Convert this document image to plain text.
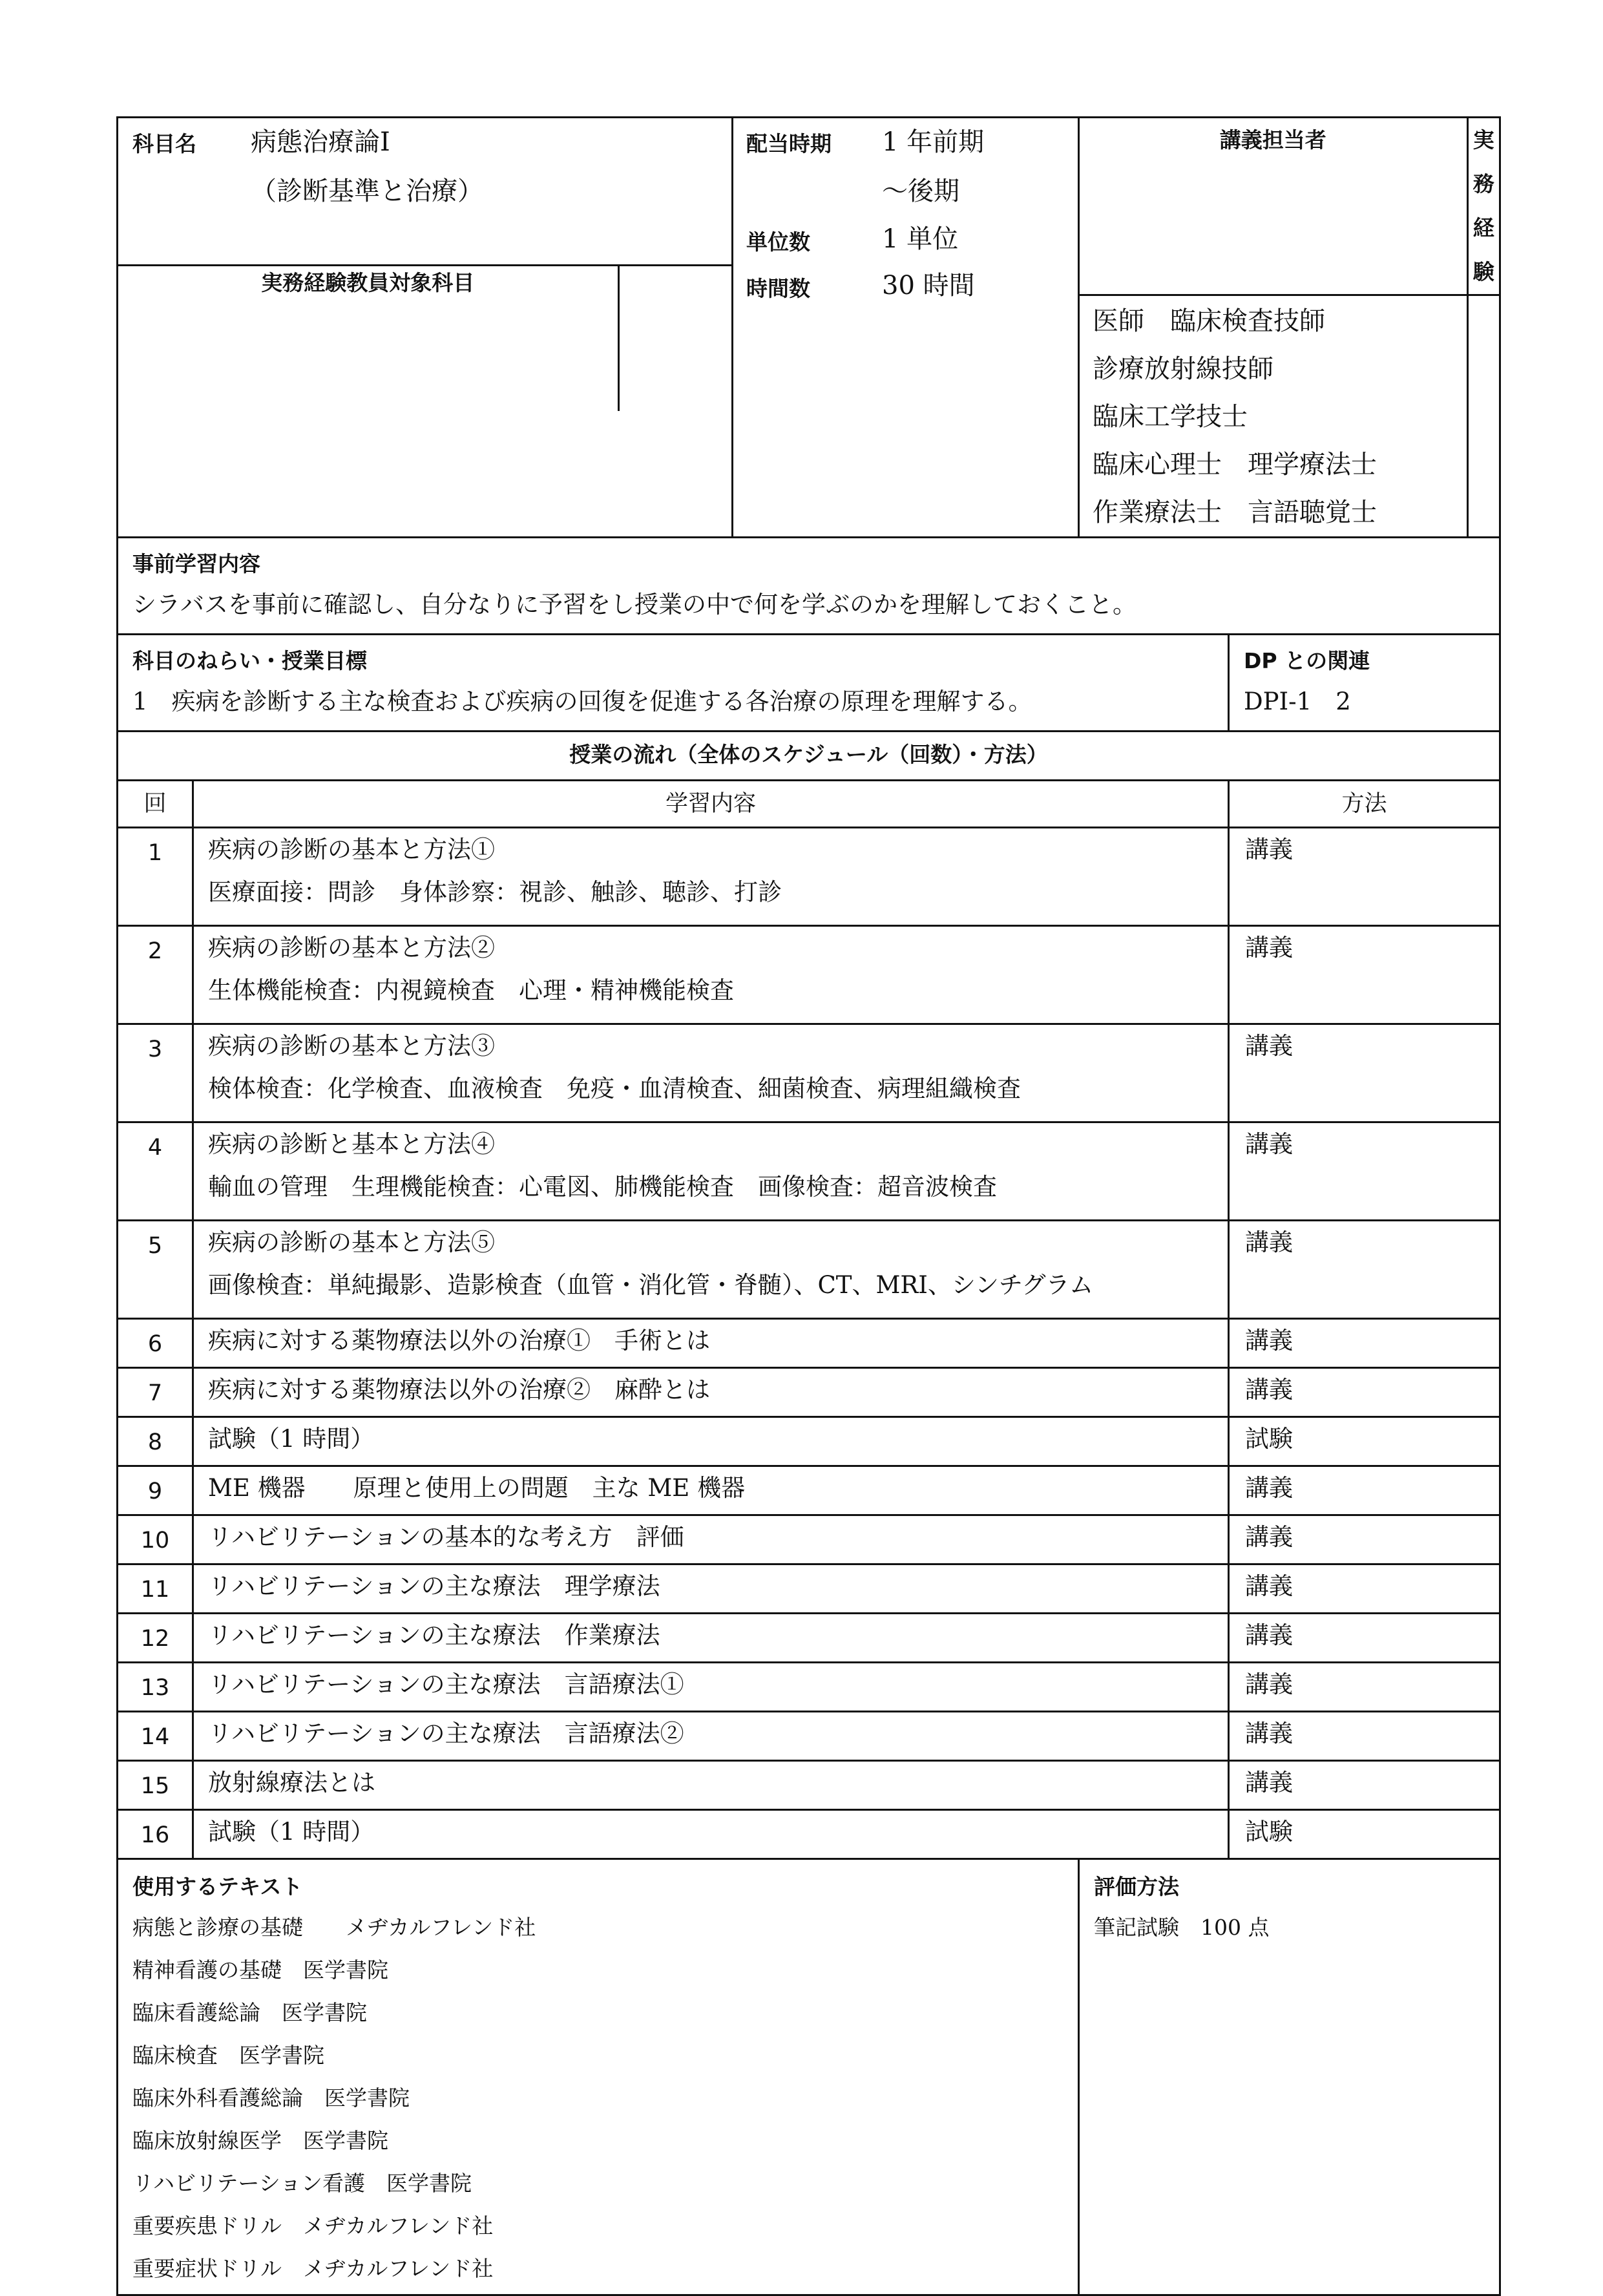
科目名 病態治療論Ⅰ
（診断基準と治療）
実務経験教員対象科目	

配当時期 1 年前期
～後期
単位数	1 単位
時間数	30 時間

講義担当者	実務経験

医師　臨床検査技師
診療放射線技師
臨床工学技士
臨床心理士　理学療法士
作業療法士　言語聴覚士

事前学習内容
シラバスを事前に確認し、自分なりに予習をし授業の中で何を学ぶのかを理解しておくこと。

科目のねらい・授業目標
1　疾病を診断する主な検査および疾病の回復を促進する各治療の原理を理解する。

DP との関連
DPⅠ-1　2

授業の流れ（全体のスケジュール（回数）・方法）
回	学習内容	方法
1	疾病の診断の基本と方法①
医療面接：問診　身体診察：視診、触診、聴診、打診
	講義
2	疾病の診断の基本と方法②
生体機能検査：内視鏡検査　心理・精神機能検査
	講義
3	疾病の診断の基本と方法③
検体検査：化学検査、血液検査　免疫・血清検査、細菌検査、病理組織検査
	講義
4	疾病の診断と基本と方法④
輸血の管理　生理機能検査：心電図、肺機能検査　画像検査：超音波検査
	講義
5	疾病の診断の基本と方法⑤
画像検査：単純撮影、造影検査（血管・消化管・脊髄）、CT、MRI、シンチグラム
	講義
6	疾病に対する薬物療法以外の治療①　手術とは	講義
7	疾病に対する薬物療法以外の治療②　麻酔とは	講義
8	試験（1 時間）	試験
9	ME 機器　　原理と使用上の問題　主な ME 機器	講義
10	リハビリテーションの基本的な考え方　評価	講義
11	リハビリテーションの主な療法　理学療法	講義
12	リハビリテーションの主な療法　作業療法	講義
13	リハビリテーションの主な療法　言語療法①	講義
14	リハビリテーションの主な療法　言語療法②	講義
15	放射線療法とは	講義
16	試験（1 時間）	試験

使用するテキスト
病態と診療の基礎　　メヂカルフレンド社
精神看護の基礎　医学書院
臨床看護総論　医学書院
臨床検査　医学書院
臨床外科看護総論　医学書院
臨床放射線医学　医学書院
リハビリテーション看護　医学書院
重要疾患ドリル　メヂカルフレンド社
重要症状ドリル　メヂカルフレンド社

評価方法
筆記試験　100 点
